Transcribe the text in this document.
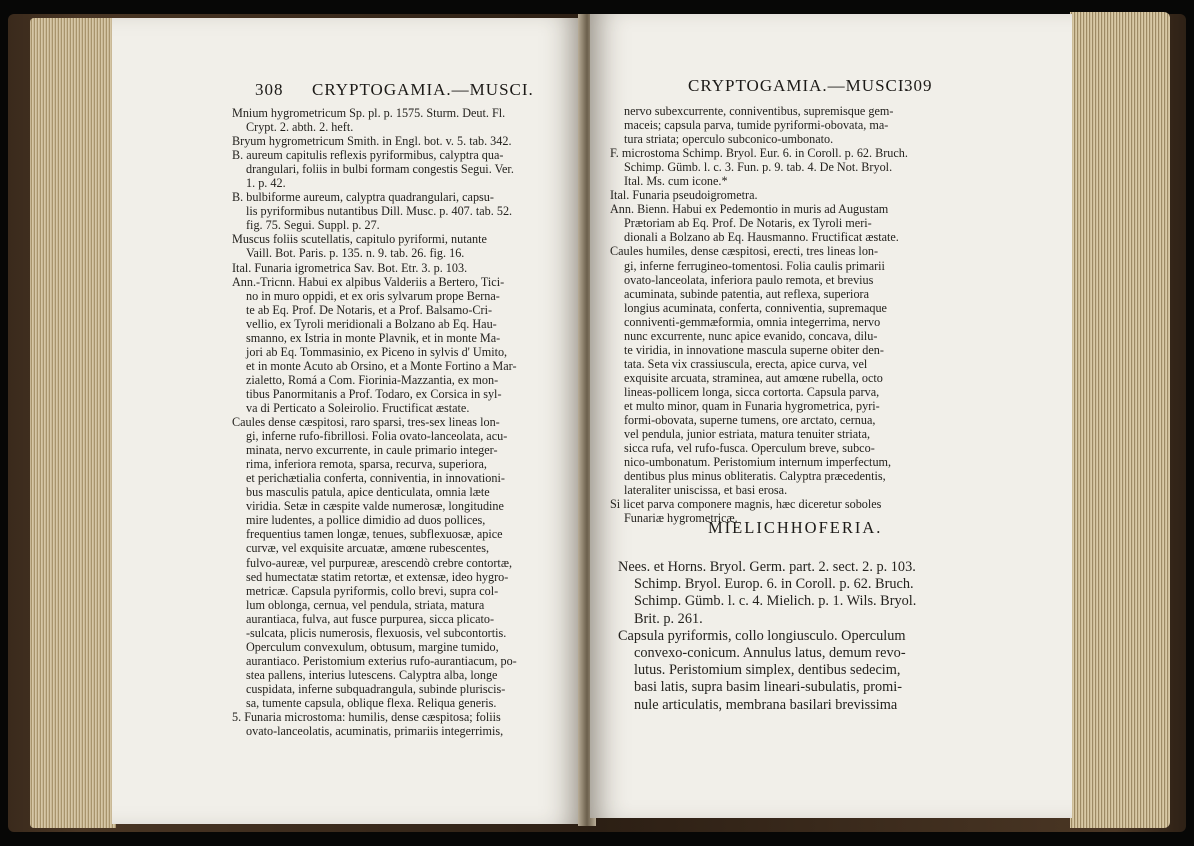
308 CRYPTOGAMIA.—MUSCI.

Mnium hygrometricum Sp. pl. p. 1575. Sturm. Deut. Fl.

Crypt. 2. abth. 2. heft.

Bryum hygrometricum Smith. in Engl. bot. v. 5. tab. 342.

B. aureum capitulis reflexis pyriformibus, calyptra qua-

drangulari, foliis in bulbi formam congestis Segui. Ver.

1. p. 42.

B. bulbiforme aureum, calyptra quadrangulari, capsu-

lis pyriformibus nutantibus Dill. Musc. p. 407. tab. 52.

fig. 75. Segui. Suppl. p. 27.

Muscus foliis scutellatis, capitulo pyriformi, nutante

Vaill. Bot. Paris. p. 135. n. 9. tab. 26. fig. 16.

Ital. Funaria igrometrica Sav. Bot. Etr. 3. p. 103.

Ann.-Tricnn. Habui ex alpibus Valderiis a Bertero, Tici-

no in muro oppidi, et ex oris sylvarum prope Berna-

te ab Eq. Prof. De Notaris, et a Prof. Balsamo-Cri-

vellio, ex Tyroli meridionali a Bolzano ab Eq. Hau-

smanno, ex Istria in monte Plavnik, et in monte Ma-

jori ab Eq. Tommasinio, ex Piceno in sylvis d' Umito,

et in monte Acuto ab Orsino, et a Monte Fortino a Mar-

zialetto, Romá a Com. Fiorinia-Mazzantia, ex mon-

tibus Panormitanis a Prof. Todaro, ex Corsica in syl-

va di Perticato a Soleirolio. Fructificat æstate.

Caules dense cæspitosi, raro sparsi, tres-sex lineas lon-

gi, inferne rufo-fibrillosi. Folia ovato-lanceolata, acu-

minata, nervo excurrente, in caule primario integer-

rima, inferiora remota, sparsa, recurva, superiora,

et perichætialia conferta, conniventia, in innovationi-

bus masculis patula, apice denticulata, omnia læte

viridia. Setæ in cæspite valde numerosæ, longitudine

mire ludentes, a pollice dimidio ad duos pollices,

frequentius tamen longæ, tenues, subflexuosæ, apice

curvæ, vel exquisite arcuatæ, amœne rubescentes,

fulvo-aureæ, vel purpureæ, arescendò crebre contortæ,

sed humectatæ statim retortæ, et extensæ, ideo hygro-

metricæ. Capsula pyriformis, collo brevi, supra col-

lum oblonga, cernua, vel pendula, striata, matura

aurantiaca, fulva, aut fusce purpurea, sicca plicato-

-sulcata, plicis numerosis, flexuosis, vel subcontortis.

Operculum convexulum, obtusum, margine tumido,

aurantiaco. Peristomium exterius rufo-aurantiacum, po-

stea pallens, interius lutescens. Calyptra alba, longe

cuspidata, inferne subquadrangula, subinde pluriscis-

sa, tumente capsula, oblique flexa. Reliqua generis.

5. Funaria microstoma: humilis, dense cæspitosa; foliis

ovato-lanceolatis, acuminatis, primariis integerrimis,

CRYPTOGAMIA.—MUSCI.
309

nervo subexcurrente, conniventibus, supremisque gem-

maceis; capsula parva, tumide pyriformi-obovata, ma-

tura striata; operculo subconico-umbonato.

F. microstoma Schimp. Bryol. Eur. 6. in Coroll. p. 62. Bruch.

Schimp. Gümb. l. c. 3. Fun. p. 9. tab. 4. De Not. Bryol.

Ital. Ms. cum icone.*

Ital. Funaria pseudoigrometra.

Ann. Bienn. Habui ex Pedemontio in muris ad Augustam

Prætoriam ab Eq. Prof. De Notaris, ex Tyroli meri-

dionali a Bolzano ab Eq. Hausmanno. Fructificat æstate.

Caules humiles, dense cæspitosi, erecti, tres lineas lon-

gi, inferne ferrugineo-tomentosi. Folia caulis primarii

ovato-lanceolata, inferiora paulo remota, et brevius

acuminata, subinde patentia, aut reflexa, superiora

longius acuminata, conferta, conniventia, supremaque

conniventi-gemmæformia, omnia integerrima, nervo

nunc excurrente, nunc apice evanido, concava, dilu-

te viridia, in innovatione mascula superne obiter den-

tata. Seta vix crassiuscula, erecta, apice curva, vel

exquisite arcuata, straminea, aut amœne rubella, octo

lineas-pollicem longa, sicca cortorta. Capsula parva,

et multo minor, quam in Funaria hygrometrica, pyri-

formi-obovata, superne tumens, ore arctato, cernua,

vel pendula, junior estriata, matura tenuiter striata,

sicca rufa, vel rufo-fusca. Operculum breve, subco-

nico-umbonatum. Peristomium internum imperfectum,

dentibus plus minus obliteratis. Calyptra præcedentis,

lateraliter uniscissa, et basi erosa.

Si licet parva componere magnis, hæc diceretur soboles

Funariæ hygrometricæ.

MIELICHHOFERIA.

Nees. et Horns. Bryol. Germ. part. 2. sect. 2. p. 103.

Schimp. Bryol. Europ. 6. in Coroll. p. 62. Bruch.

Schimp. Gümb. l. c. 4. Mielich. p. 1. Wils. Bryol.

Brit. p. 261.

Capsula pyriformis, collo longiusculo. Operculum

convexo-conicum. Annulus latus, demum revo-

lutus. Peristomium simplex, dentibus sedecim,

basi latis, supra basim lineari-subulatis, promi-

nule articulatis, membrana basilari brevissima
